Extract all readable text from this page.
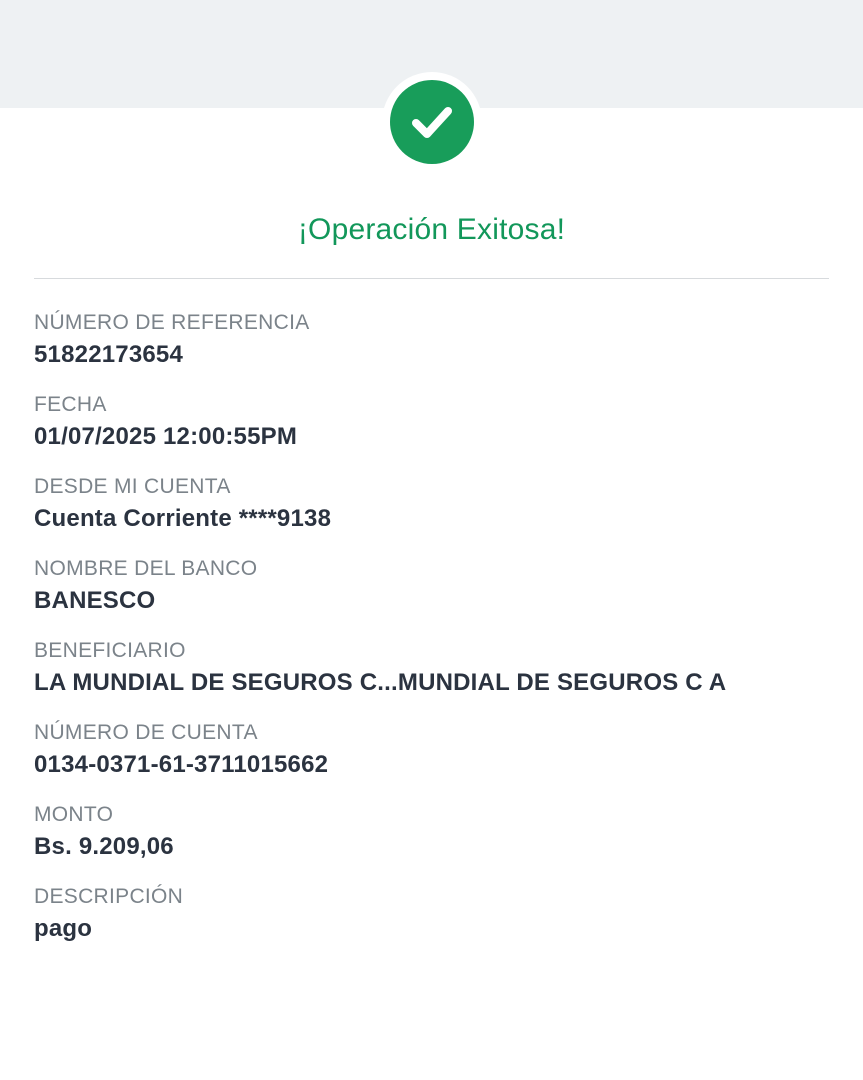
¡Operación Exitosa!
NÚMERO DE REFERENCIA
51822173654
FECHA
01/07/2025 12:00:55PM
DESDE MI CUENTA
Cuenta Corriente ****9138
NOMBRE DEL BANCO
BANESCO
BENEFICIARIO
LA MUNDIAL DE SEGUROS C...MUNDIAL DE SEGUROS C A
NÚMERO DE CUENTA
0134-0371-61-3711015662
MONTO
Bs. 9.209,06
DESCRIPCIÓN
pago
